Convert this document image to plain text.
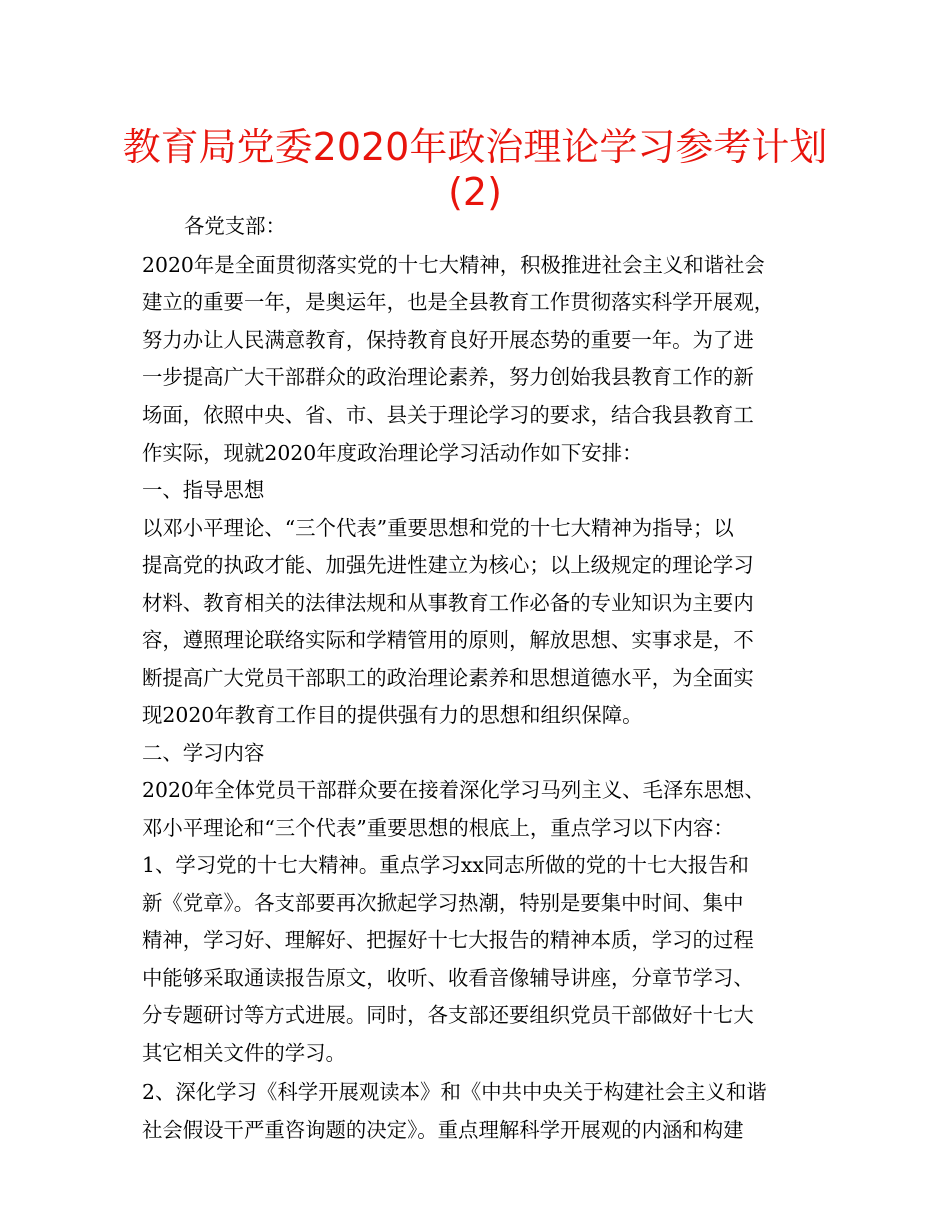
教育局党委2020年政治理论学习参考计划
(2)

各党支部：

2020年是全面贯彻落实党的十七大精神，积极推进社会主义和谐社会

建立的重要一年，是奥运年，也是全县教育工作贯彻落实科学开展观，

努力办让人民满意教育，保持教育良好开展态势的重要一年。为了进

一步提高广大干部群众的政治理论素养，努力创始我县教育工作的新

场面，依照中央、省、市、县关于理论学习的要求，结合我县教育工

作实际，现就2020年度政治理论学习活动作如下安排：

一、指导思想

以邓小平理论、“三个代表”重要思想和党的十七大精神为指导；以

提高党的执政才能、加强先进性建立为核心；以上级规定的理论学习

材料、教育相关的法律法规和从事教育工作必备的专业知识为主要内

容，遵照理论联络实际和学精管用的原则，解放思想、实事求是，不

断提高广大党员干部职工的政治理论素养和思想道德水平，为全面实

现2020年教育工作目的提供强有力的思想和组织保障。

二、学习内容

2020年全体党员干部群众要在接着深化学习马列主义、毛泽东思想、

邓小平理论和“三个代表”重要思想的根底上，重点学习以下内容：

1、学习党的十七大精神。重点学习xx同志所做的党的十七大报告和

新《党章》。各支部要再次掀起学习热潮，特别是要集中时间、集中

精神，学习好、理解好、把握好十七大报告的精神本质，学习的过程

中能够采取通读报告原文，收听、收看音像辅导讲座，分章节学习、

分专题研讨等方式进展。同时，各支部还要组织党员干部做好十七大

其它相关文件的学习。

2、深化学习《科学开展观读本》和《中共中央关于构建社会主义和谐

社会假设干严重咨询题的决定》。重点理解科学开展观的内涵和构建
